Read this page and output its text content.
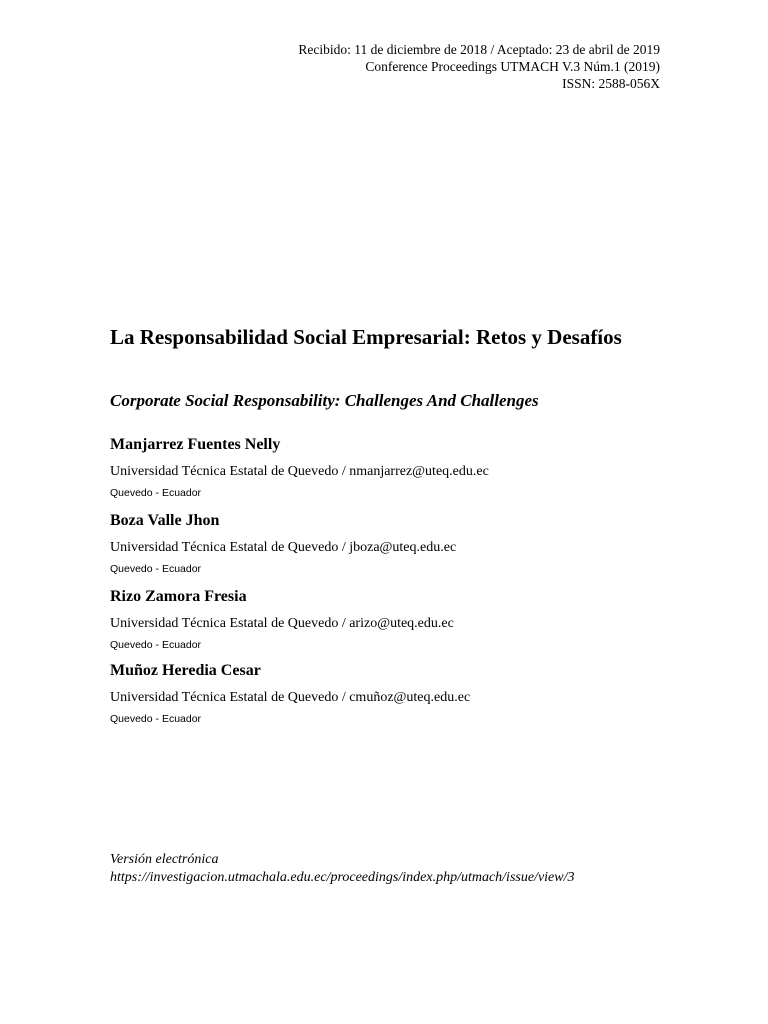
Recibido: 11 de diciembre de 2018 / Aceptado: 23 de abril de 2019
Conference Proceedings UTMACH V.3 Núm.1 (2019)
ISSN: 2588-056X
La Responsabilidad Social Empresarial: Retos y Desafíos
Corporate Social Responsability: Challenges And Challenges
Manjarrez Fuentes Nelly
Universidad Técnica Estatal de Quevedo / nmanjarrez@uteq.edu.ec
Quevedo - Ecuador
Boza Valle Jhon
Universidad Técnica Estatal de Quevedo / jboza@uteq.edu.ec
Quevedo - Ecuador
Rizo Zamora Fresia
Universidad Técnica Estatal de Quevedo / arizo@uteq.edu.ec
Quevedo - Ecuador
Muñoz Heredia Cesar
Universidad Técnica Estatal de Quevedo / cmuñoz@uteq.edu.ec
Quevedo - Ecuador
Versión electrónica
https://investigacion.utmachala.edu.ec/proceedings/index.php/utmach/issue/view/3
